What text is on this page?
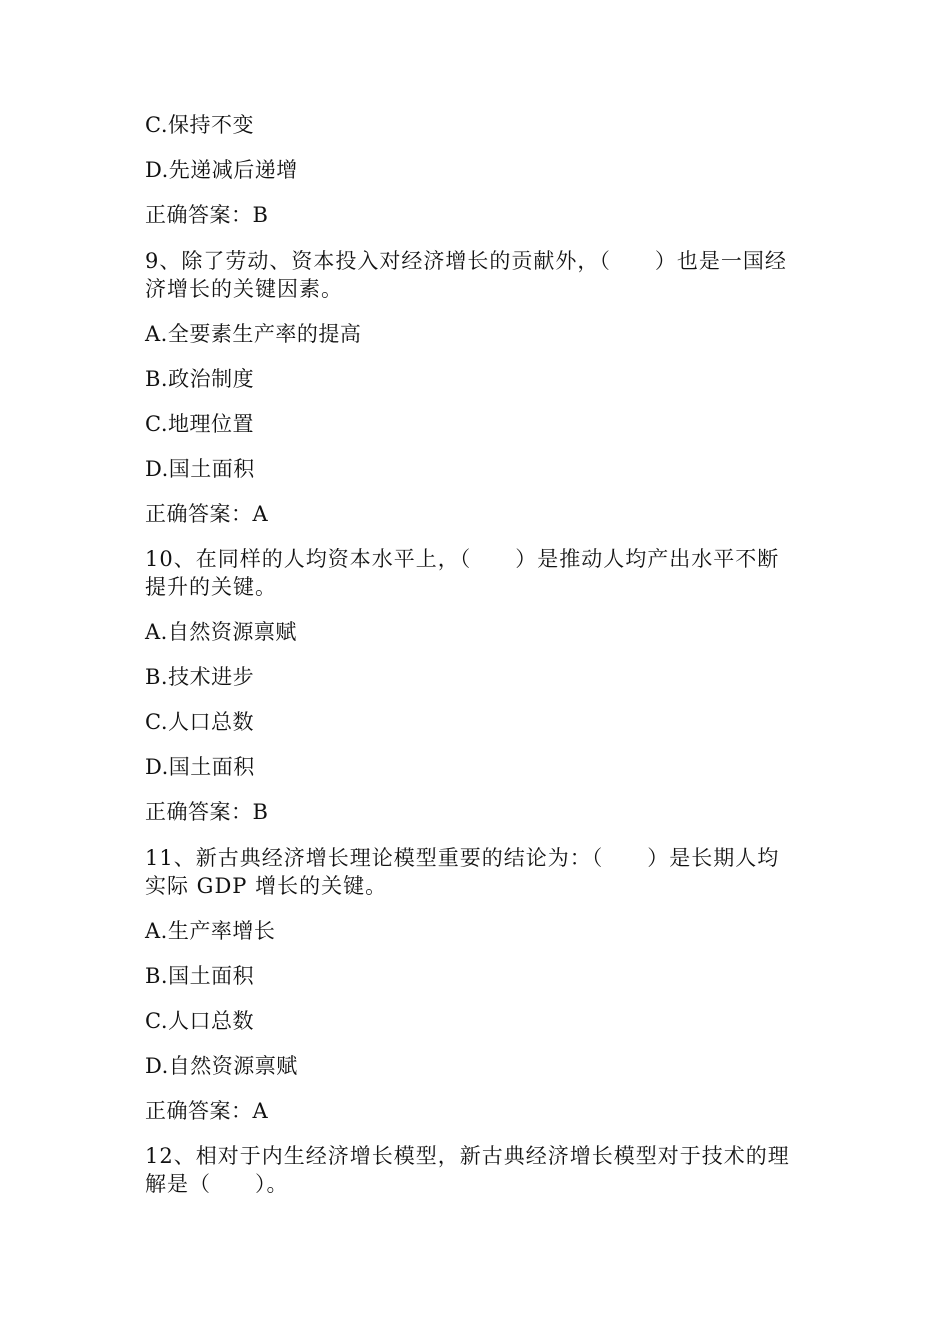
C.保持不变
D.先递减后递增
正确答案：B
9、除了劳动、资本投入对经济增长的贡献外，（　　）也是一国经
济增长的关键因素。
A.全要素生产率的提高
B.政治制度
C.地理位置
D.国土面积
正确答案：A
10、在同样的人均资本水平上，（　　）是推动人均产出水平不断
提升的关键。
A.自然资源禀赋
B.技术进步
C.人口总数
D.国土面积
正确答案：B
11、新古典经济增长理论模型重要的结论为：（　　）是长期人均
实际 GDP 增长的关键。
A.生产率增长
B.国土面积
C.人口总数
D.自然资源禀赋
正确答案：A
12、相对于内生经济增长模型，新古典经济增长模型对于技术的理
解是（　　）。
